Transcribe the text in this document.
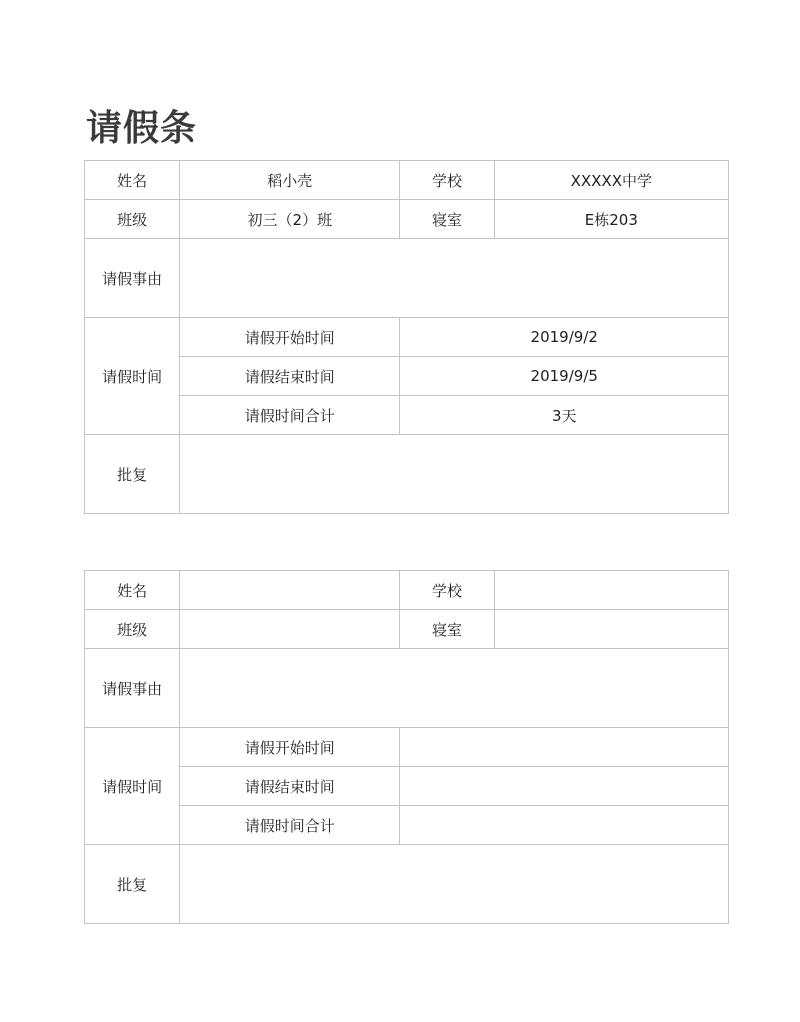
请假条
姓名	稻小壳	学校	XXXXX中学
班级	初三（2）班	寝室	E栋203
请假事由			
请假时间	请假开始时间	2019/9/2	
	请假结束时间	2019/9/5	
	请假时间合计	3天	
批复			
姓名		学校	
班级		寝室	
请假事由			
请假时间	请假开始时间		
	请假结束时间		
	请假时间合计		
批复			
